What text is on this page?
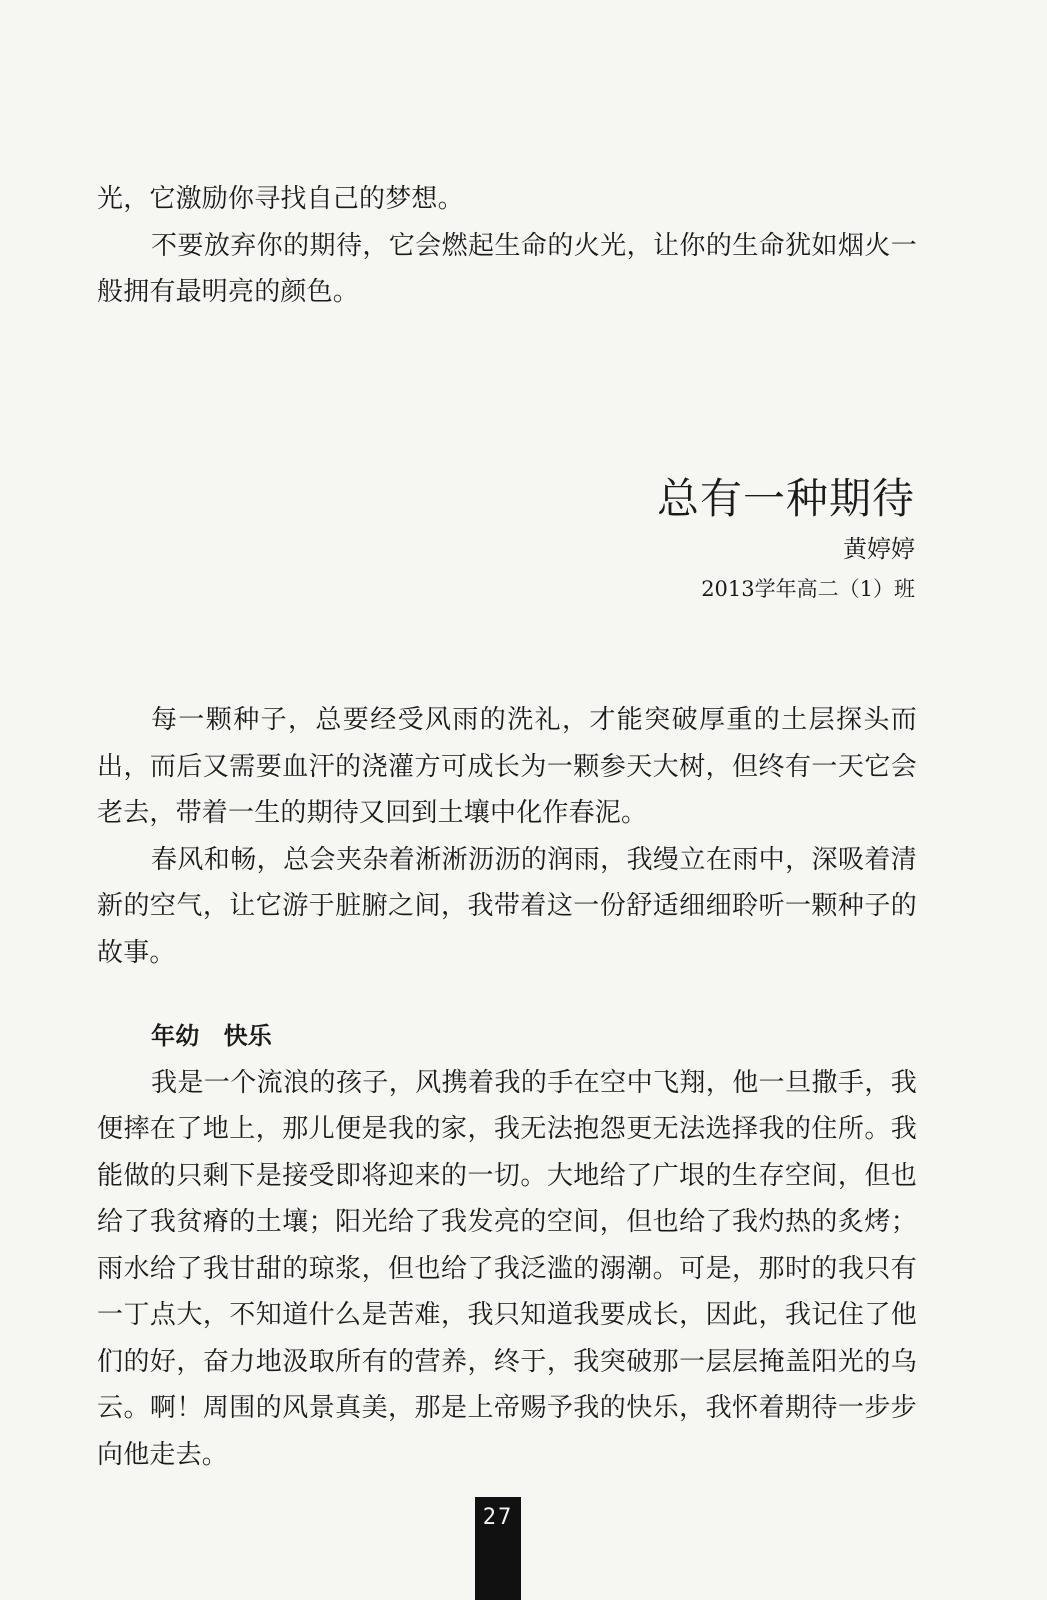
光，它激励你寻找自己的梦想。

不要放弃你的期待，它会燃起生命的火光，让你的生命犹如烟火一般拥有最明亮的颜色。

总有一种期待

黄婷婷

2013学年高二（1）班

每一颗种子，总要经受风雨的洗礼，才能突破厚重的土层探头而出，而后又需要血汗的浇灌方可成长为一颗参天大树，但终有一天它会老去，带着一生的期待又回到土壤中化作春泥。

春风和畅，总会夹杂着淅淅沥沥的润雨，我缦立在雨中，深吸着清新的空气，让它游于脏腑之间，我带着这一份舒适细细聆听一颗种子的故事。

年幼　快乐

我是一个流浪的孩子，风携着我的手在空中飞翔，他一旦撒手，我便摔在了地上，那儿便是我的家，我无法抱怨更无法选择我的住所。我能做的只剩下是接受即将迎来的一切。大地给了广垠的生存空间，但也给了我贫瘠的土壤；阳光给了我发亮的空间，但也给了我灼热的炙烤；雨水给了我甘甜的琼浆，但也给了我泛滥的溺潮。可是，那时的我只有一丁点大，不知道什么是苦难，我只知道我要成长，因此，我记住了他们的好，奋力地汲取所有的营养，终于，我突破那一层层掩盖阳光的乌云。啊！周围的风景真美，那是上帝赐予我的快乐，我怀着期待一步步向他走去。

27
